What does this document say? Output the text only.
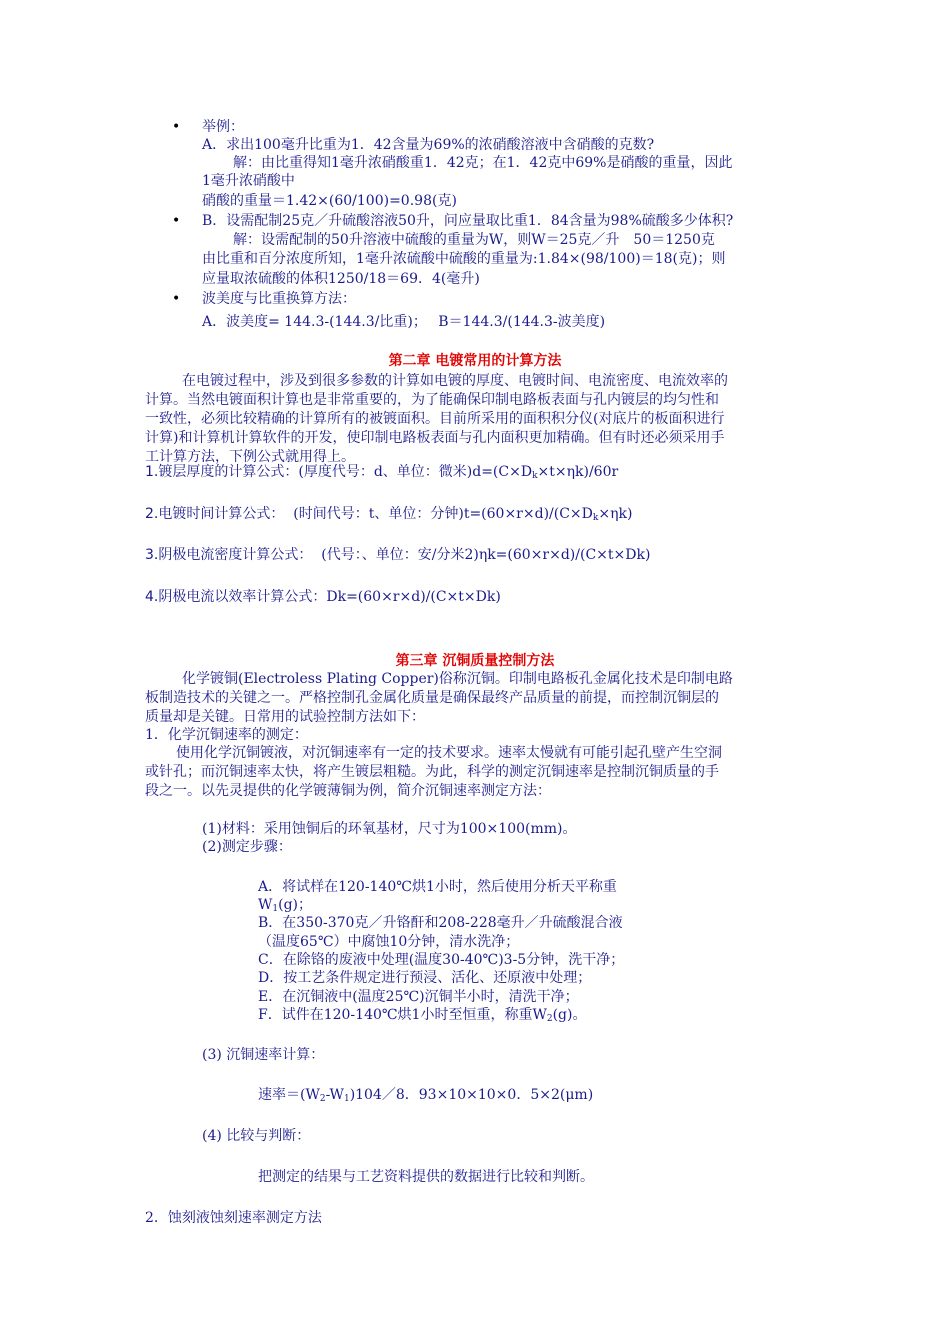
• 举例：
A．求出100毫升比重为1．42含量为69%的浓硝酸溶液中含硝酸的克数?
解：由比重得知1毫升浓硝酸重1．42克；在1．42克中69%是硝酸的重量，因此
1毫升浓硝酸中
硝酸的重量＝1.42×(60/100)=0.98(克)
• B．设需配制25克／升硫酸溶液50升，问应量取比重1．84含量为98%硫酸多少体积?
解：设需配制的50升溶液中硫酸的重量为W，则W＝25克／升　50＝1250克
由比重和百分浓度所知，1毫升浓硫酸中硫酸的重量为:1.84×(98/100)＝18(克)；则
应量取浓硫酸的体积1250/18＝69．4(毫升)
• 波美度与比重换算方法：
A．波美度= 144.3-(144.3/比重)；　 B＝144.3/(144.3-波美度)
第二章 电镀常用的计算方法
在电镀过程中，涉及到很多参数的计算如电镀的厚度、电镀时间、电流密度、电流效率的
计算。当然电镀面积计算也是非常重要的，为了能确保印制电路板表面与孔内镀层的均匀性和
一致性，必须比较精确的计算所有的被镀面积。目前所采用的面积积分仪(对底片的板面积进行
计算)和计算机计算软件的开发，使印制电路板表面与孔内面积更加精确。但有时还必须采用手
工计算方法，下例公式就用得上。
1.镀层厚度的计算公式：(厚度代号：d、单位：微米)$d=(C\times D_k\times t\times\eta k)/60r$
2.电镀时间计算公式： (时间代号：t、单位：分钟)$t=(60\times r\times d)/(C\times D_k\times\eta k)$
3.阴极电流密度计算公式： (代号：、单位：安/分米2)ηk=(60×r×d)/(C×t×Dk)
4.阴极电流以效率计算公式：Dk=(60×r×d)/(C×t×Dk)
第三章 沉铜质量控制方法
化学镀铜(Electroless Plating Copper)俗称沉铜。印制电路板孔金属化技术是印制电路
板制造技术的关键之一。严格控制孔金属化质量是确保最终产品质量的前提，而控制沉铜层的
质量却是关键。日常用的试验控制方法如下：
1．化学沉铜速率的测定：
使用化学沉铜镀液，对沉铜速率有一定的技术要求。速率太慢就有可能引起孔壁产生空洞
或针孔；而沉铜速率太快，将产生镀层粗糙。为此，科学的测定沉铜速率是控制沉铜质量的手
段之一。以先灵提供的化学镀薄铜为例，简介沉铜速率测定方法：
(1)材料：采用蚀铜后的环氧基材，尺寸为100×100(mm)。
(2)测定步骤：
A．将试样在120-140℃烘1小时，然后使用分析天平称重
$W_1(g)$；
B．在350-370克／升铬酐和208-228毫升／升硫酸混合液
（温度65℃）中腐蚀10分钟，清水洗净；
C．在除铬的废液中处理(温度30-40℃)3-5分钟，洗干净；
D．按工艺条件规定进行预浸、活化、还原液中处理；
E．在沉铜液中(温度25℃)沉铜半小时，清洗干净；
F．试件在120-140℃烘1小时至恒重，称重$W_2(g)$。
(3) 沉铜速率计算：
速率$=(W_2-W_1)104/8$．93×10×10×0．5×2(μm)
(4) 比较与判断：
把测定的结果与工艺资料提供的数据进行比较和判断。
2．蚀刻液蚀刻速率测定方法
